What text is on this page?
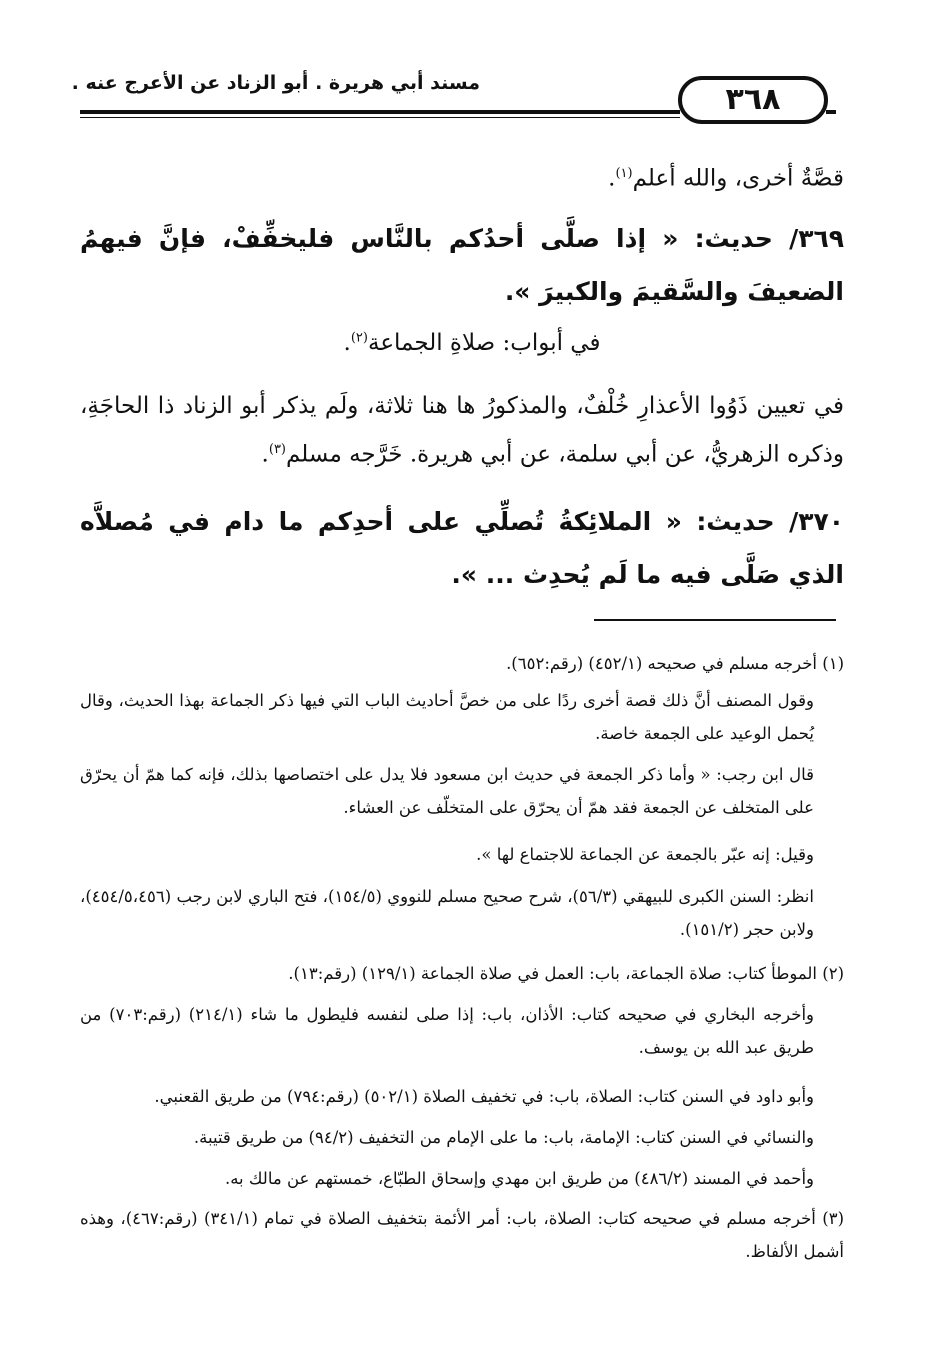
مسند أبي هريرة . أبو الزناد عن الأعرج عنه .	٣٦٨
قصَّةٌ أخرى، والله أعلم$^{(١)}$.
٣٦٩/ حديث: « إذا صلَّى أحدُكم بالنَّاس فليخفِّفْ، فإنَّ فيهمُ الضعيفَ والسَّقيمَ والكبيرَ ».
في أبواب: صلاةِ الجماعة$^{(٢)}$.
في تعيين ذَوُوا الأعذارِ خُلْفٌ، والمذكورُ ها هنا ثلاثة، ولَم يذكر أبو الزناد ذا الحاجَةِ، وذكره الزهريُّ، عن أبي سلمة، عن أبي هريرة. خَرَّجه مسلم$^{(٣)}$.
٣٧٠/ حديث: « الملائِكةُ تُصلِّي على أحدِكم ما دام في مُصلاَّه الذي صَلَّى فيه ما لَم يُحدِث ... ».
(١) أخرجه مسلم في صحيحه (٤٥٢/١) (رقم:٦٥٢).
وقول المصنف أنَّ ذلك قصة أخرى ردًا على من خصَّ أحاديث الباب التي فيها ذكر الجماعة بهذا الحديث، وقال يُحمل الوعيد على الجمعة خاصة.
قال ابن رجب: « وأما ذكر الجمعة في حديث ابن مسعود فلا يدل على اختصاصها بذلك، فإنه كما همّ أن يحرّق على المتخلف عن الجمعة فقد همّ أن يحرّق على المتخلّف عن العشاء.
وقيل: إنه عبّر بالجمعة عن الجماعة للاجتماع لها ».
انظر: السنن الكبرى للبيهقي (٥٦/٣)، شرح صحيح مسلم للنووي (١٥٤/٥)، فتح الباري لابن رجب (٤٥٤/٥،٤٥٦)، ولابن حجر (١٥١/٢).
(٢) الموطأ كتاب: صلاة الجماعة، باب: العمل في صلاة الجماعة (١٢٩/١) (رقم:١٣).
وأخرجه البخاري في صحيحه كتاب: الأذان، باب: إذا صلى لنفسه فليطول ما شاء (٢١٤/١) (رقم:٧٠٣) من طريق عبد الله بن يوسف.
وأبو داود في السنن كتاب: الصلاة، باب: في تخفيف الصلاة (٥٠٢/١) (رقم:٧٩٤) من طريق القعنبي.
والنسائي في السنن كتاب: الإمامة، باب: ما على الإمام من التخفيف (٩٤/٢) من طريق قتيبة.
وأحمد في المسند (٤٨٦/٢) من طريق ابن مهدي وإسحاق الطبّاع، خمستهم عن مالك به.
(٣) أخرجه مسلم في صحيحه كتاب: الصلاة، باب: أمر الأئمة بتخفيف الصلاة في تمام (٣٤١/١) (رقم:٤٦٧)، وهذه أشمل الألفاظ.
